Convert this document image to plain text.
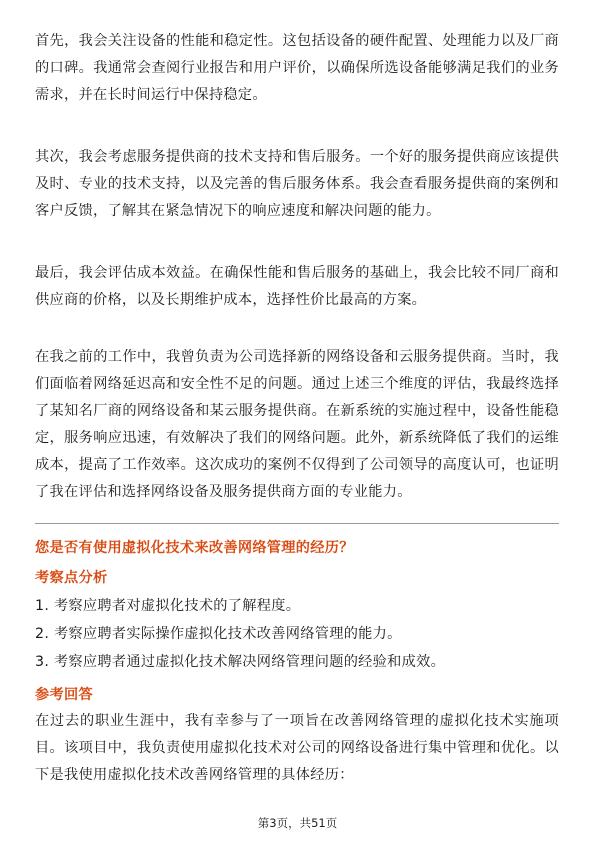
首先，我会关注设备的性能和稳定性。这包括设备的硬件配置、处理能力以及厂商的口碑。我通常会查阅行业报告和用户评价，以确保所选设备能够满足我们的业务需求，并在长时间运行中保持稳定。

其次，我会考虑服务提供商的技术支持和售后服务。一个好的服务提供商应该提供及时、专业的技术支持，以及完善的售后服务体系。我会查看服务提供商的案例和客户反馈，了解其在紧急情况下的响应速度和解决问题的能力。

最后，我会评估成本效益。在确保性能和售后服务的基础上，我会比较不同厂商和供应商的价格，以及长期维护成本，选择性价比最高的方案。

在我之前的工作中，我曾负责为公司选择新的网络设备和云服务提供商。当时，我们面临着网络延迟高和安全性不足的问题。通过上述三个维度的评估，我最终选择了某知名厂商的网络设备和某云服务提供商。在新系统的实施过程中，设备性能稳定，服务响应迅速，有效解决了我们的网络问题。此外，新系统降低了我们的运维成本，提高了工作效率。这次成功的案例不仅得到了公司领导的高度认可，也证明了我在评估和选择网络设备及服务提供商方面的专业能力。

您是否有使用虚拟化技术来改善网络管理的经历？
考察点分析
1. 考察应聘者对虚拟化技术的了解程度。
2. 考察应聘者实际操作虚拟化技术改善网络管理的能力。
3. 考察应聘者通过虚拟化技术解决网络管理问题的经验和成效。
参考回答

在过去的职业生涯中，我有幸参与了一项旨在改善网络管理的虚拟化技术实施项目。该项目中，我负责使用虚拟化技术对公司的网络设备进行集中管理和优化。以下是我使用虚拟化技术改善网络管理的具体经历：

第3页，共51页
